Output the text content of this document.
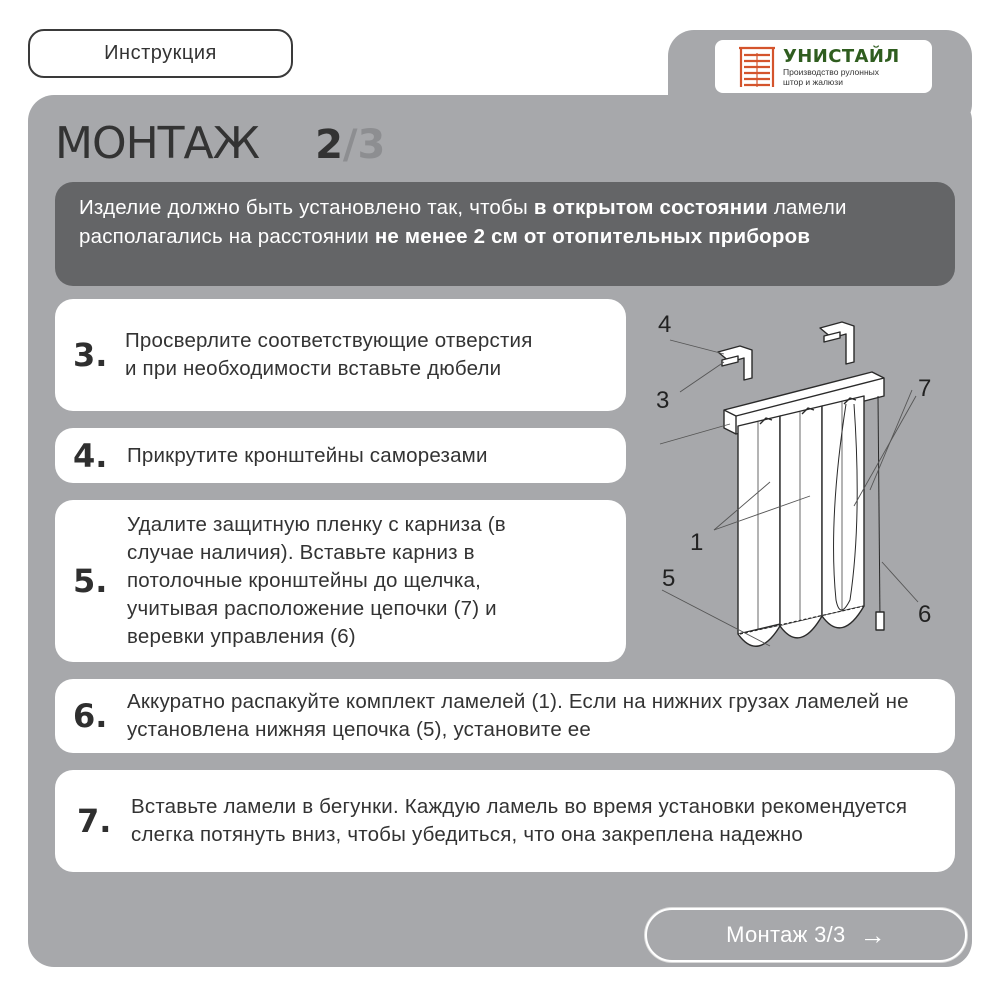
Инструкция	УНИСТАЙЛ
Производство рулонных
штор и жалюзи
МОНТАЖ 2/3
Изделие должно быть установлено так, чтобы в открытом состоянии ламели располагались на расстоянии не менее 2 см от отопительных приборов
3. Просверлите соответствующие отверстия и при необходимости вставьте дюбели
4. Прикрутите кронштейны саморезами
5.
Удалите защитную пленку с карниза (в случае наличия). Вставьте карниз в потолочные кронштейны до щелчка, учитывая расположение цепочки (7) и веревки управления (6)
6. Аккуратно распакуйте комплект ламелей (1). Если на нижних грузах ламелей не установлена нижняя цепочка (5), установите ее
7. Вставьте ламели в бегунки. Каждую ламель во время установки рекомендуется слегка потянуть вниз, чтобы убедиться, что она закреплена надежно
4
3	7
1
5
6
Монтаж 3/3 →
